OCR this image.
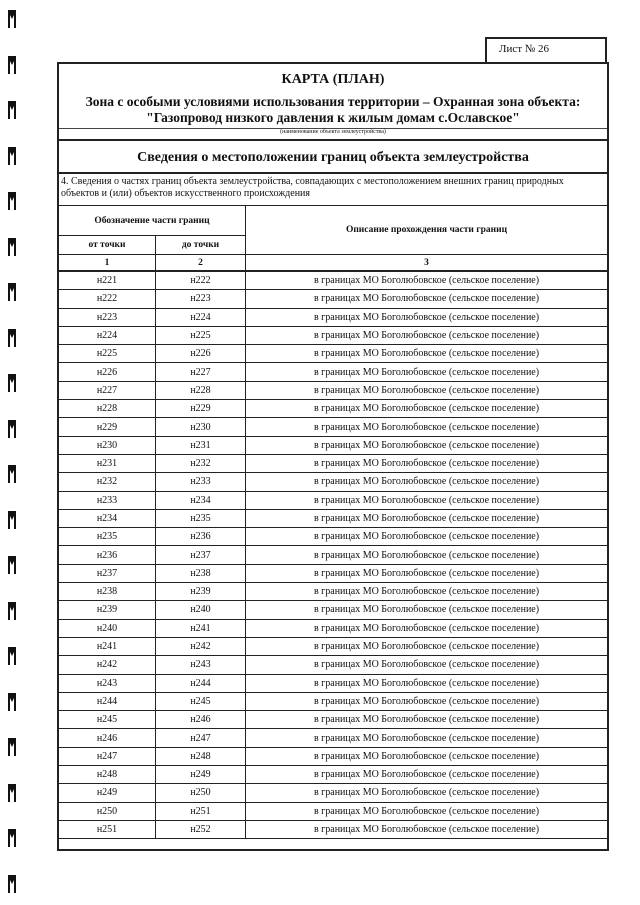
Лист № 26
КАРТА (ПЛАН)
Зона с особыми условиями использования территории – Охранная зона объекта:
"Газопровод низкого давления к жилым домам с.Ославское"
(наименование объекта землеустройства)
Сведения о местоположении границ объекта землеустройства
4. Сведения о частях границ объекта землеустройства, совпадающих с местоположением внешних границ природных объектов и (или) объектов искусственного происхождения
Обозначение части границ		Описание прохождения части границ
от точки	до точки	
1	2	3
н221	н222	в границах МО Боголюбовское (сельское поселение)
н222	н223	в границах МО Боголюбовское (сельское поселение)
н223	н224	в границах МО Боголюбовское (сельское поселение)
н224	н225	в границах МО Боголюбовское (сельское поселение)
н225	н226	в границах МО Боголюбовское (сельское поселение)
н226	н227	в границах МО Боголюбовское (сельское поселение)
н227	н228	в границах МО Боголюбовское (сельское поселение)
н228	н229	в границах МО Боголюбовское (сельское поселение)
н229	н230	в границах МО Боголюбовское (сельское поселение)
н230	н231	в границах МО Боголюбовское (сельское поселение)
н231	н232	в границах МО Боголюбовское (сельское поселение)
н232	н233	в границах МО Боголюбовское (сельское поселение)
н233	н234	в границах МО Боголюбовское (сельское поселение)
н234	н235	в границах МО Боголюбовское (сельское поселение)
н235	н236	в границах МО Боголюбовское (сельское поселение)
н236	н237	в границах МО Боголюбовское (сельское поселение)
н237	н238	в границах МО Боголюбовское (сельское поселение)
н238	н239	в границах МО Боголюбовское (сельское поселение)
н239	н240	в границах МО Боголюбовское (сельское поселение)
н240	н241	в границах МО Боголюбовское (сельское поселение)
н241	н242	в границах МО Боголюбовское (сельское поселение)
н242	н243	в границах МО Боголюбовское (сельское поселение)
н243	н244	в границах МО Боголюбовское (сельское поселение)
н244	н245	в границах МО Боголюбовское (сельское поселение)
н245	н246	в границах МО Боголюбовское (сельское поселение)
н246	н247	в границах МО Боголюбовское (сельское поселение)
н247	н248	в границах МО Боголюбовское (сельское поселение)
н248	н249	в границах МО Боголюбовское (сельское поселение)
н249	н250	в границах МО Боголюбовское (сельское поселение)
н250	н251	в границах МО Боголюбовское (сельское поселение)
н251	н252	в границах МО Боголюбовское (сельское поселение)
